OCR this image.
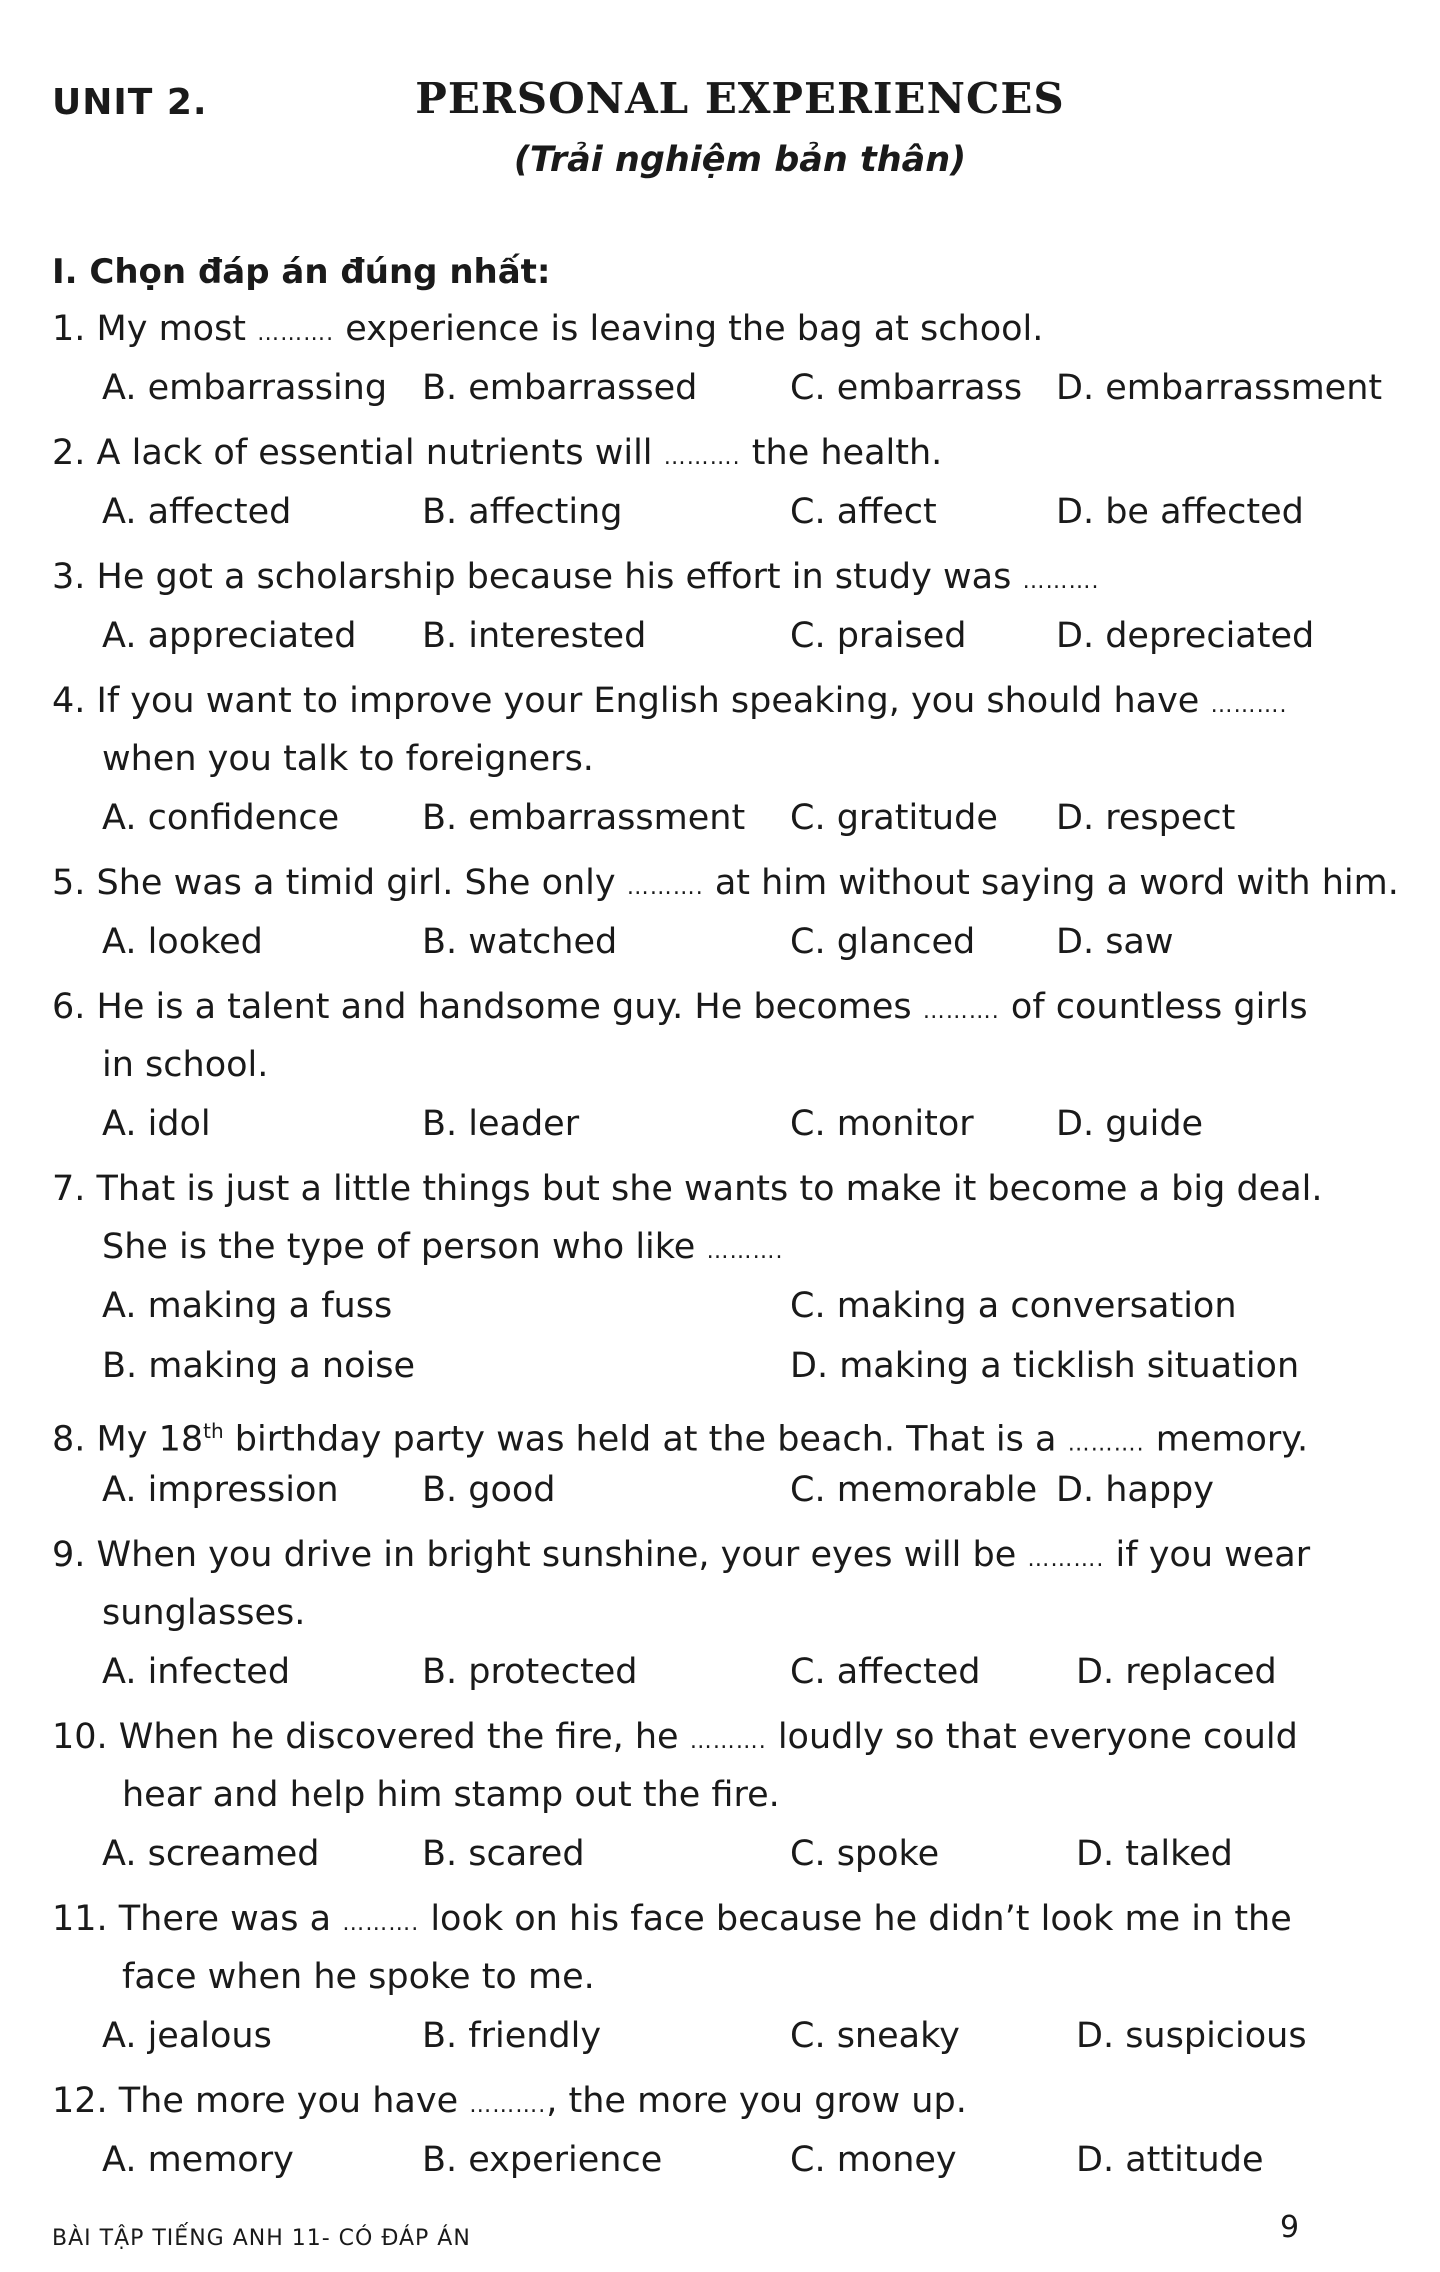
UNIT 2.	PERSONAL EXPERIENCES
(Trải nghiệm bản thân)
I. Chọn đáp án đúng nhất:
1. My most ………. experience is leaving the bag at school.
A. embarrassing B. embarrassed	C. embarrass D. embarrassment
2. A lack of essential nutrients will ………. the health.
A. affected	B. affecting	C. affect	D. be affected
3. He got a scholarship because his effort in study was ……….
A. appreciated B. interested	C. praised	D. depreciated
4. If you want to improve your English speaking, you should have ……….
when you talk to foreigners.
A. confidence B. embarrassment C. gratitude D. respect
5. She was a timid girl. She only ………. at him without saying a word with him.
A. looked	B. watched	C. glanced D. saw
6. He is a talent and handsome guy. He becomes ………. of countless girls
in school.
A. idol	B. leader	C. monitor D. guide
7. That is just a little things but she wants to make it become a big deal.
She is the type of person who like ……….
A. making a fuss	C. making a conversation
B. making a noise	D. making a ticklish situation
8. My 18th birthday party was held at the beach. That is a ………. memory.
A. impression B. good	C. memorable D. happy
9. When you drive in bright sunshine, your eyes will be ………. if you wear
sunglasses.
A. infected	B. protected	C. affected	D. replaced
10. When he discovered the fire, he ………. loudly so that everyone could
hear and help him stamp out the fire.
A. screamed	B. scared	C. spoke	D. talked
11. There was a ………. look on his face because he didn’t look me in the
face when he spoke to me.
A. jealous	B. friendly	C. sneaky	D. suspicious
12. The more you have ………., the more you grow up.
A. memory	B. experience	C. money	D. attitude
BÀI TẬP TIẾNG ANH 11- CÓ ĐÁP ÁN	9
